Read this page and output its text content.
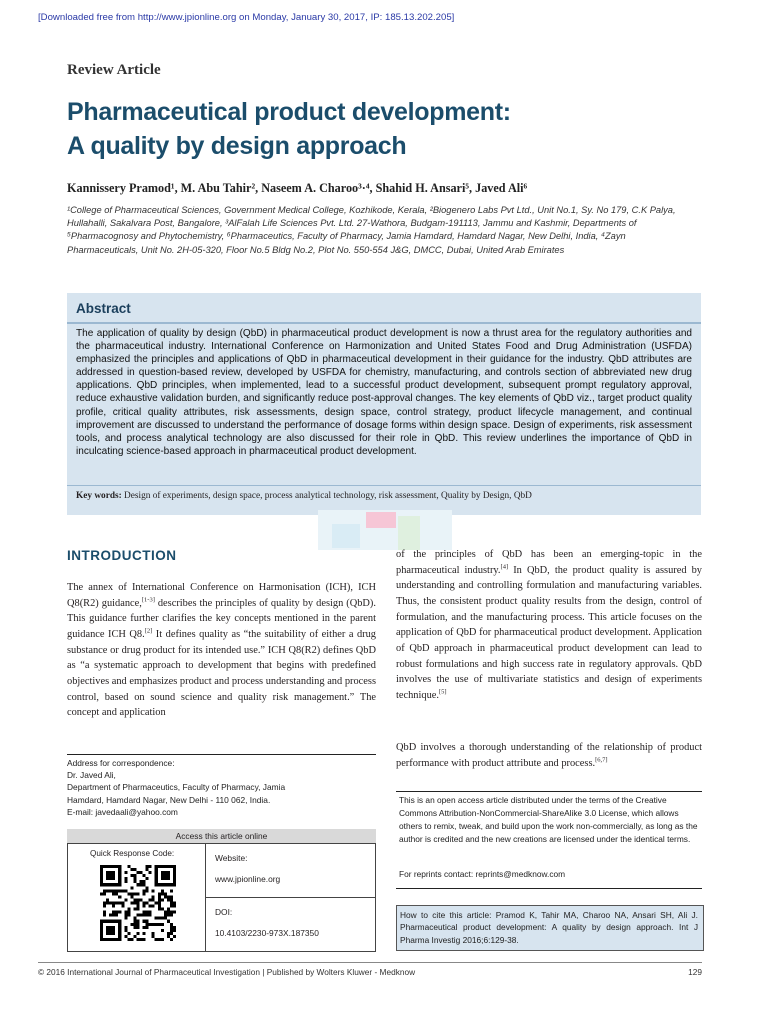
[Downloaded free from http://www.jpionline.org on Monday, January 30, 2017, IP: 185.13.202.205]
Review Article
Pharmaceutical product development:
A quality by design approach
Kannissery Pramod¹, M. Abu Tahir², Naseem A. Charoo³·⁴, Shahid H. Ansari⁵, Javed Ali⁶
¹College of Pharmaceutical Sciences, Government Medical College, Kozhikode, Kerala, ²Biogenero Labs Pvt Ltd., Unit No.1, Sy. No 179, C.K Palya, Hullahalli, Sakalvara Post, Bangalore, ³AlFalah Life Sciences Pvt. Ltd. 27-Wathora, Budgam-191113, Jammu and Kashmir, Departments of ⁵Pharmacognosy and Phytochemistry, ⁶Pharmaceutics, Faculty of Pharmacy, Jamia Hamdard, Hamdard Nagar, New Delhi, India, ⁴Zayn Pharmaceuticals, Unit No. 2H-05-320, Floor No.5 Bldg No.2, Plot No. 550-554 J&G, DMCC, Dubai, United Arab Emirates
Abstract
The application of quality by design (QbD) in pharmaceutical product development is now a thrust area for the regulatory authorities and the pharmaceutical industry. International Conference on Harmonization and United States Food and Drug Administration (USFDA) emphasized the principles and applications of QbD in pharmaceutical development in their guidance for the industry. QbD attributes are addressed in question-based review, developed by USFDA for chemistry, manufacturing, and controls section of abbreviated new drug applications. QbD principles, when implemented, lead to a successful product development, subsequent prompt regulatory approval, reduce exhaustive validation burden, and significantly reduce post-approval changes. The key elements of QbD viz., target product quality profile, critical quality attributes, risk assessments, design space, control strategy, product lifecycle management, and continual improvement are discussed to understand the performance of dosage forms within design space. Design of experiments, risk assessment tools, and process analytical technology are also discussed for their role in QbD. This review underlines the importance of QbD in inculcating science-based approach in pharmaceutical product development.
Key words: Design of experiments, design space, process analytical technology, risk assessment, Quality by Design, QbD
INTRODUCTION
The annex of International Conference on Harmonisation (ICH), ICH Q8(R2) guidance,[1-3] describes the principles of quality by design (QbD). This guidance further clarifies the key concepts mentioned in the parent guidance ICH Q8.[2] It defines quality as “the suitability of either a drug substance or drug product for its intended use.” ICH Q8(R2) defines QbD as “a systematic approach to development that begins with predefined objectives and emphasizes product and process understanding and process control, based on sound science and quality risk management.” The concept and application
of the principles of QbD has been an emerging-topic in the pharmaceutical industry.[4] In QbD, the product quality is assured by understanding and controlling formulation and manufacturing variables. Thus, the consistent product quality results from the design, control of formulation, and the manufacturing process. This article focuses on the application of QbD for pharmaceutical product development. Application of QbD approach in pharmaceutical product development can lead to robust formulations and high success rate in regulatory approvals. QbD involves the use of multivariate statistics and design of experiments technique.[5]
QbD involves a thorough understanding of the relationship of product performance with product attribute and process.[6,7]
Address for correspondence:
Dr. Javed Ali,
Department of Pharmaceutics, Faculty of Pharmacy, Jamia
Hamdard, Hamdard Nagar, New Delhi - 110 062, India.
E-mail: javedaali@yahoo.com
Access this article online
Quick Response Code:	Website:
www.jpionline.org
DOI:
10.4103/2230-973X.187350
This is an open access article distributed under the terms of the Creative Commons Attribution-NonCommercial-ShareAlike 3.0 License, which allows others to remix, tweak, and build upon the work non-commercially, as long as the author is credited and the new creations are licensed under the identical terms.
For reprints contact: reprints@medknow.com
How to cite this article: Pramod K, Tahir MA, Charoo NA, Ansari SH, Ali J. Pharmaceutical product development: A quality by design approach. Int J Pharma Investig 2016;6:129-38.
© 2016 International Journal of Pharmaceutical Investigation | Published by Wolters Kluwer - Medknow	129
